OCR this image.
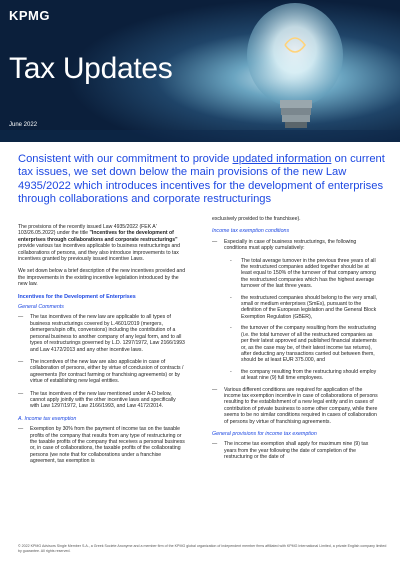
KPMG
Tax Updates
June 2022
Consistent with our commitment to provide updated information on current tax issues, we set down below the main provisions of the new Law 4935/2022 which introduces incentives for the development of enterprises through collaborations and corporate restructurings

The provisions of the recently issued Law 4935/2022 (FEK A' 103/26.05.2022) under the title "Incentives for the development of enterprises through collaborations and corporate restructurings" provide various tax incentives applicable to business restructurings and collaborations of persons, and they also introduce improvements to tax incentives granted by previously issued incentive Laws.

We set down below a brief description of the new incentives provided and the improvements in the existing incentive legislation introduced by the new law.

Incentives for the Development of Enterprises
General Comments
— The tax incentives of the new law are applicable to all types of business restructurings covered by L.4601/2019 (mergers, demergers/spin offs, conversions) including the contribution of a personal business to another company of any legal form, and to all types of restructurings governed by L.D. 1297/1972, Law 2166/1993 and Law 4172/2013 and any other incentive laws.
— The incentives of the new law are also applicable in case of collaboration of persons, either by virtue of conclusion of contracts / agreements (for contract farming or franchising agreements) or by virtue of establishing new legal entities.
— The tax incentives of the new law mentioned under A-D below, cannot apply jointly with the other incentive laws and specifically with Law 1297/1972, Law 2166/1993, and Law 4172/2014.
A. Income tax exemption
— Exemption by 30% from the payment of income tax on the taxable profits of the company that results from any type of restructuring or the taxable profits of the company that receives a personal business or, in case of collaborations, the taxable profits of the collaborating persons (we note that for collaborations under a franchise agreement, tax exemption is

exclusively provided to the franchisee).

Income tax exemption conditions
— Especially in case of business restructurings, the following conditions must apply cumulatively:
- The total average turnover in the previous three years of all the restructured companies added together should be at least equal to 150% of the turnover of that company among the restructured companies which has the highest average turnover of the last three years.
- the restructured companies should belong to the very small, small or medium enterprises (SmEs), pursuant to the definition of the European legislation and the General Block Exemption Regulation (GBER),
- the turnover of the company resulting from the restructuring (i.e. the total turnover of all the restructured companies as per their latest approved and published financial statements or, as the case may be, of their latest income tax returns), after deducting any transactions carried out between them, should be at least EUR 375.000, and
- the company resulting from the restructuring should employ at least nine (9) full time employees.
— Various different conditions are required for application of the income tax exemption incentive in case of collaborations of persons resulting to the establishment of a new legal entity and in cases of contribution of private business to some other company, while there seems to be no similar conditions required in cases of collaboration of persons by virtue of franchising agreements.
General provisions for income tax exemption
— The income tax exemption shall apply for maximum nine (9) tax years from the year following the date of completion of the restructuring or the date of
© 2022 KPMG Advisors Single Member S.A., a Greek Societe Anonyme and a member firm of the KPMG global organization of independent member firms affiliated with KPMG International Limited, a private English company limited by guarantee. All rights reserved.
